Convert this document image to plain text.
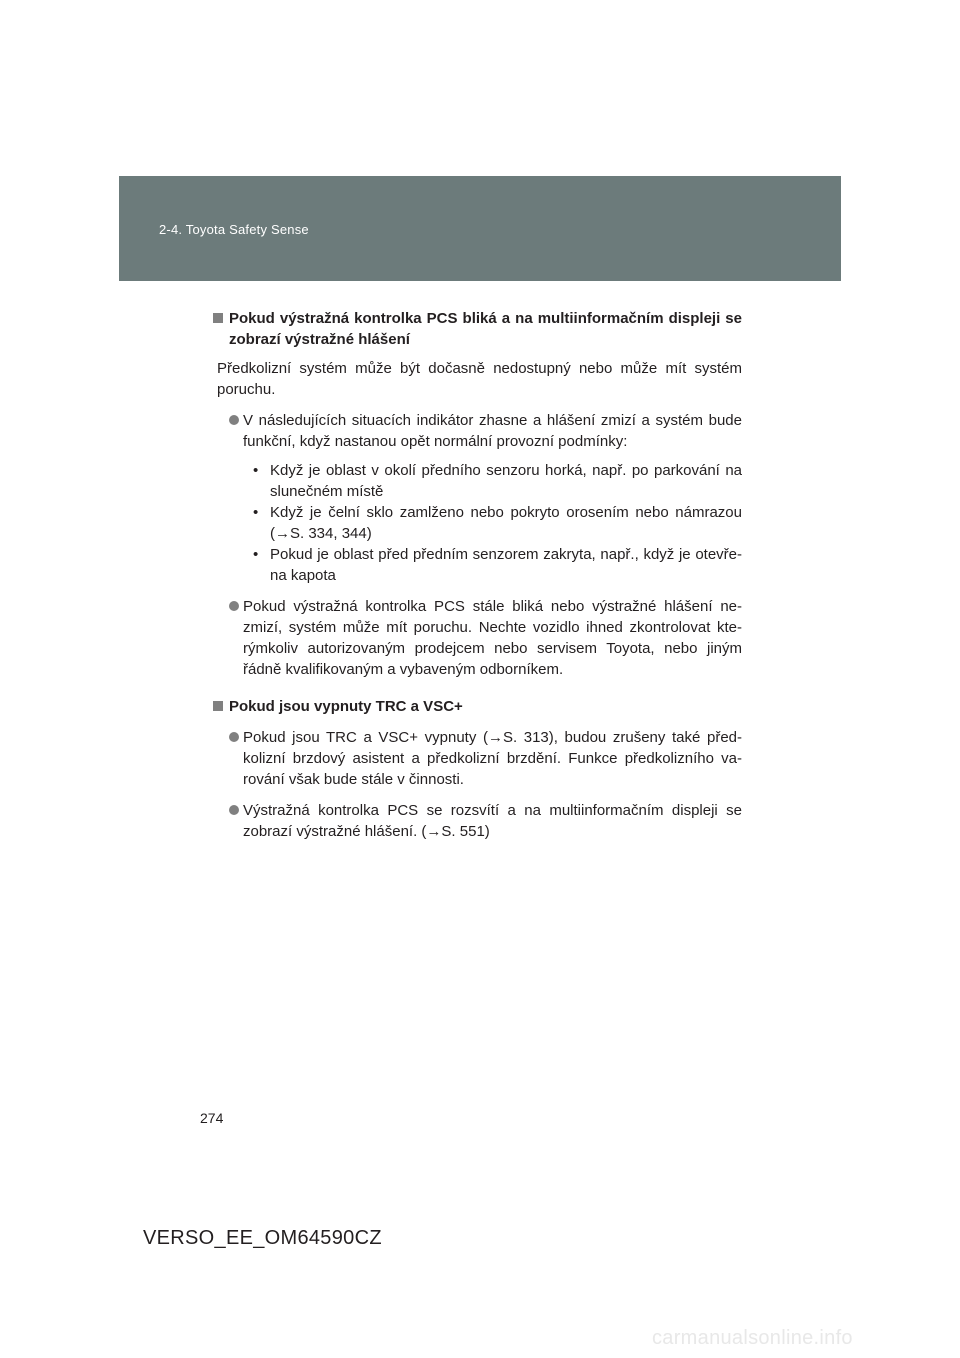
2-4. Toyota Safety Sense
Pokud výstražná kontrolka PCS bliká a na multiinformačním displeji se zobrazí výstražné hlášení
Předkolizní systém může být dočasně nedostupný nebo může mít systém poruchu.
V následujících situacích indikátor zhasne a hlášení zmizí a systém bude funkční, když nastanou opět normální provozní podmínky:
• Když je oblast v okolí předního senzoru horká, např. po parkování na slunečném místě
• Když je čelní sklo zamlženo nebo pokryto orosením nebo námrazou (→S. 334, 344)
• Pokud je oblast před předním senzorem zakryta, např., když je otevře-na kapota
Pokud výstražná kontrolka PCS stále bliká nebo výstražné hlášení ne-zmizí, systém může mít poruchu. Nechte vozidlo ihned zkontrolovat kte-rýmkoliv autorizovaným prodejcem nebo servisem Toyota, nebo jiným řádně kvalifikovaným a vybaveným odborníkem.
Pokud jsou vypnuty TRC a VSC+
Pokud jsou TRC a VSC+ vypnuty (→S. 313), budou zrušeny také před-kolizní brzdový asistent a předkolizní brzdění. Funkce předkolizního va-rování však bude stále v činnosti.
Výstražná kontrolka PCS se rozsvítí a na multiinformačním displeji se zobrazí výstražné hlášení. (→S. 551)
274
VERSO_EE_OM64590CZ
carmanualsonline.info
